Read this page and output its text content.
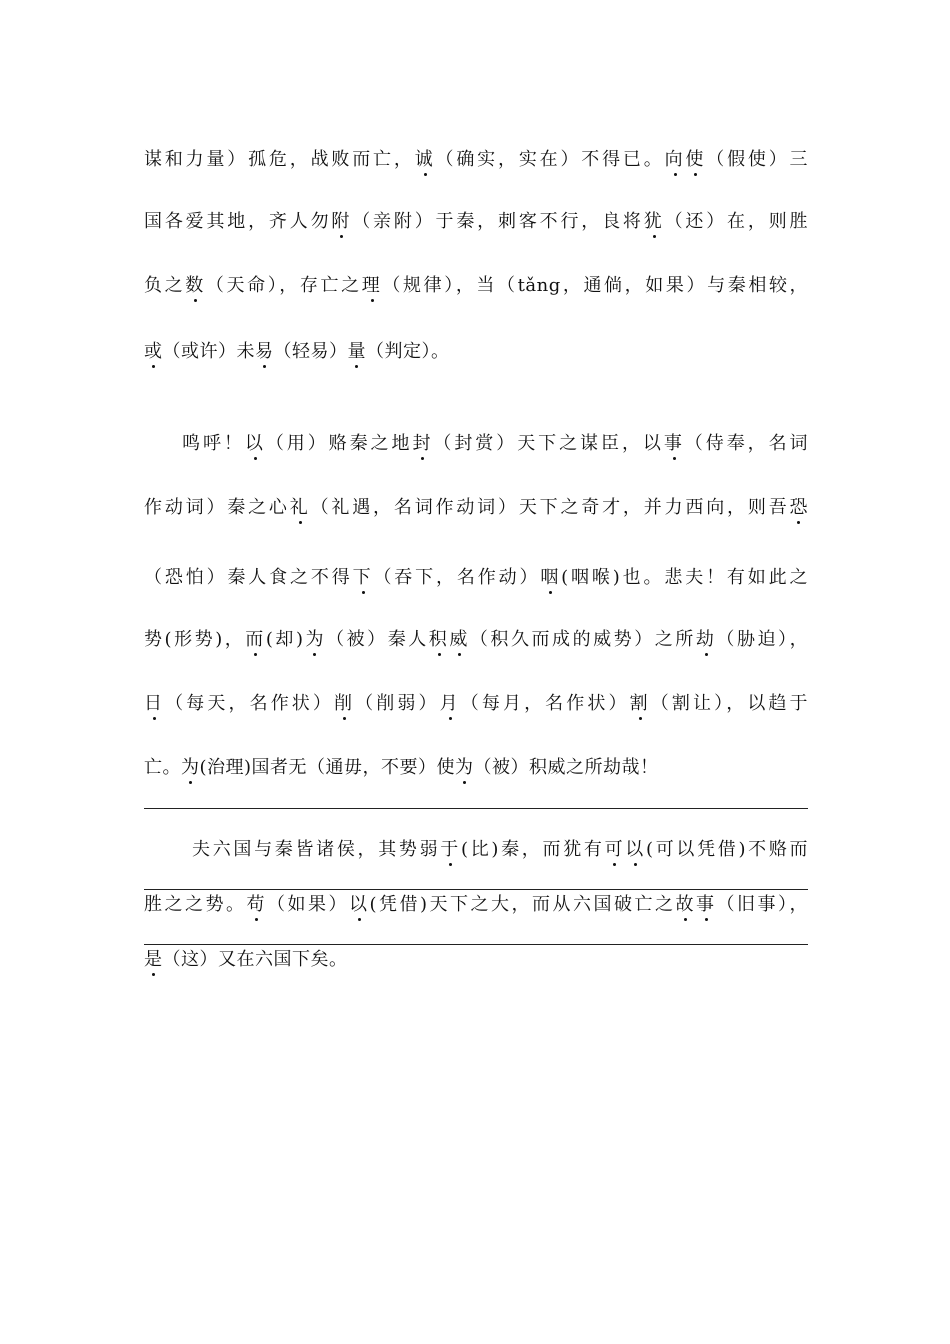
谋和力量）孤危，战败而亡，诚（确实，实在）不得已。向使（假使）三
国各爱其地，齐人勿附（亲附）于秦，刺客不行，良将犹（还）在，则胜
负之数（天命），存亡之理（规律），当（tǎng，通倘，如果）与秦相较，
或（或许）未易（轻易）量（判定）。
鸣呼！以（用）赂秦之地封（封赏）天下之谋臣，以事（侍奉，名词
作动词）秦之心礼（礼遇，名词作动词）天下之奇才，并力西向，则吾恐
（恐怕）秦人食之不得下（吞下，名作动）咽(咽喉)也。悲夫！有如此之
势(形势)，而(却)为（被）秦人积威（积久而成的威势）之所劫（胁迫），
日（每天，名作状）削（削弱）月（每月，名作状）割（割让），以趋于
亡。为(治理)国者无（通毋，不要）使为（被）积威之所劫哉！
夫六国与秦皆诸侯，其势弱于(比)秦，而犹有可以(可以凭借)不赂而
胜之之势。苟（如果）以(凭借)天下之大，而从六国破亡之故事（旧事），
是（这）又在六国下矣。
